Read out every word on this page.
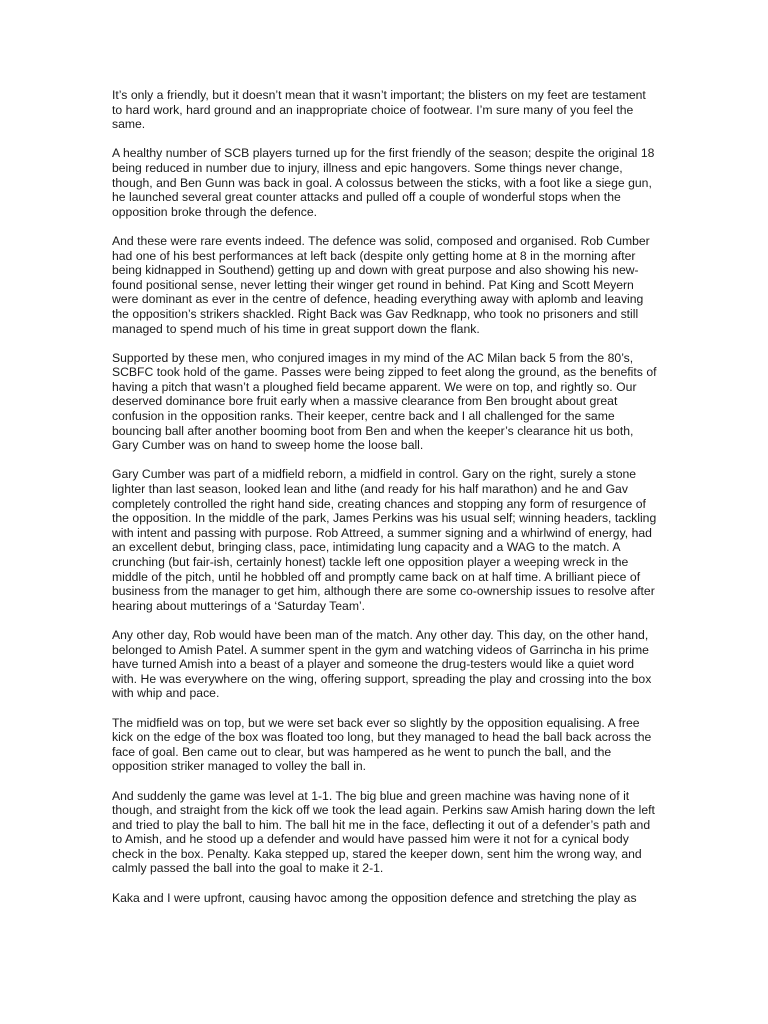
It’s only a friendly, but it doesn’t mean that it wasn’t important; the blisters on my feet are testament to hard work, hard ground and an inappropriate choice of footwear. I’m sure many of you feel the same.

A healthy number of SCB players turned up for the first friendly of the season; despite the original 18 being reduced in number due to injury, illness and epic hangovers. Some things never change, though, and Ben Gunn was back in goal. A colossus between the sticks, with a foot like a siege gun, he launched several great counter attacks and pulled off a couple of wonderful stops when the opposition broke through the defence.

And these were rare events indeed. The defence was solid, composed and organised. Rob Cumber had one of his best performances at left back (despite only getting home at 8 in the morning after being kidnapped in Southend) getting up and down with great purpose and also showing his new-found positional sense, never letting their winger get round in behind. Pat King and Scott Meyern were dominant as ever in the centre of defence, heading everything away with aplomb and leaving the opposition’s strikers shackled. Right Back was Gav Redknapp, who took no prisoners and still managed to spend much of his time in great support down the flank.

Supported by these men, who conjured images in my mind of the AC Milan back 5 from the 80’s, SCBFC took hold of the game. Passes were being zipped to feet along the ground, as the benefits of having a pitch that wasn’t a ploughed field became apparent. We were on top, and rightly so. Our deserved dominance bore fruit early when a massive clearance from Ben brought about great confusion in the opposition ranks. Their keeper, centre back and I all challenged for the same bouncing ball after another booming boot from Ben and when the keeper’s clearance hit us both, Gary Cumber was on hand to sweep home the loose ball.

Gary Cumber was part of a midfield reborn, a midfield in control. Gary on the right, surely a stone lighter than last season, looked lean and lithe (and ready for his half marathon) and he and Gav completely controlled the right hand side, creating chances and stopping any form of resurgence of the opposition. In the middle of the park, James Perkins was his usual self; winning headers, tackling with intent and passing with purpose. Rob Attreed, a summer signing and a whirlwind of energy, had an excellent debut, bringing class, pace, intimidating lung capacity and a WAG to the match. A crunching (but fair-ish, certainly honest) tackle left one opposition player a weeping wreck in the middle of the pitch, until he hobbled off and promptly came back on at half time. A brilliant piece of business from the manager to get him, although there are some co-ownership issues to resolve after hearing about mutterings of a ‘Saturday Team’.

Any other day, Rob would have been man of the match. Any other day. This day, on the other hand, belonged to Amish Patel. A summer spent in the gym and watching videos of Garrincha in his prime have turned Amish into a beast of a player and someone the drug-testers would like a quiet word with. He was everywhere on the wing, offering support, spreading the play and crossing into the box with whip and pace.

The midfield was on top, but we were set back ever so slightly by the opposition equalising. A free kick on the edge of the box was floated too long, but they managed to head the ball back across the face of goal. Ben came out to clear, but was hampered as he went to punch the ball, and the opposition striker managed to volley the ball in.

And suddenly the game was level at 1-1. The big blue and green machine was having none of it though, and straight from the kick off we took the lead again. Perkins saw Amish haring down the left and tried to play the ball to him. The ball hit me in the face, deflecting it out of a defender’s path and to Amish, and he stood up a defender and would have passed him were it not for a cynical body check in the box. Penalty. Kaka stepped up, stared the keeper down, sent him the wrong way, and calmly passed the ball into the goal to make it 2-1.

Kaka and I were upfront, causing havoc among the opposition defence and stretching the play as
